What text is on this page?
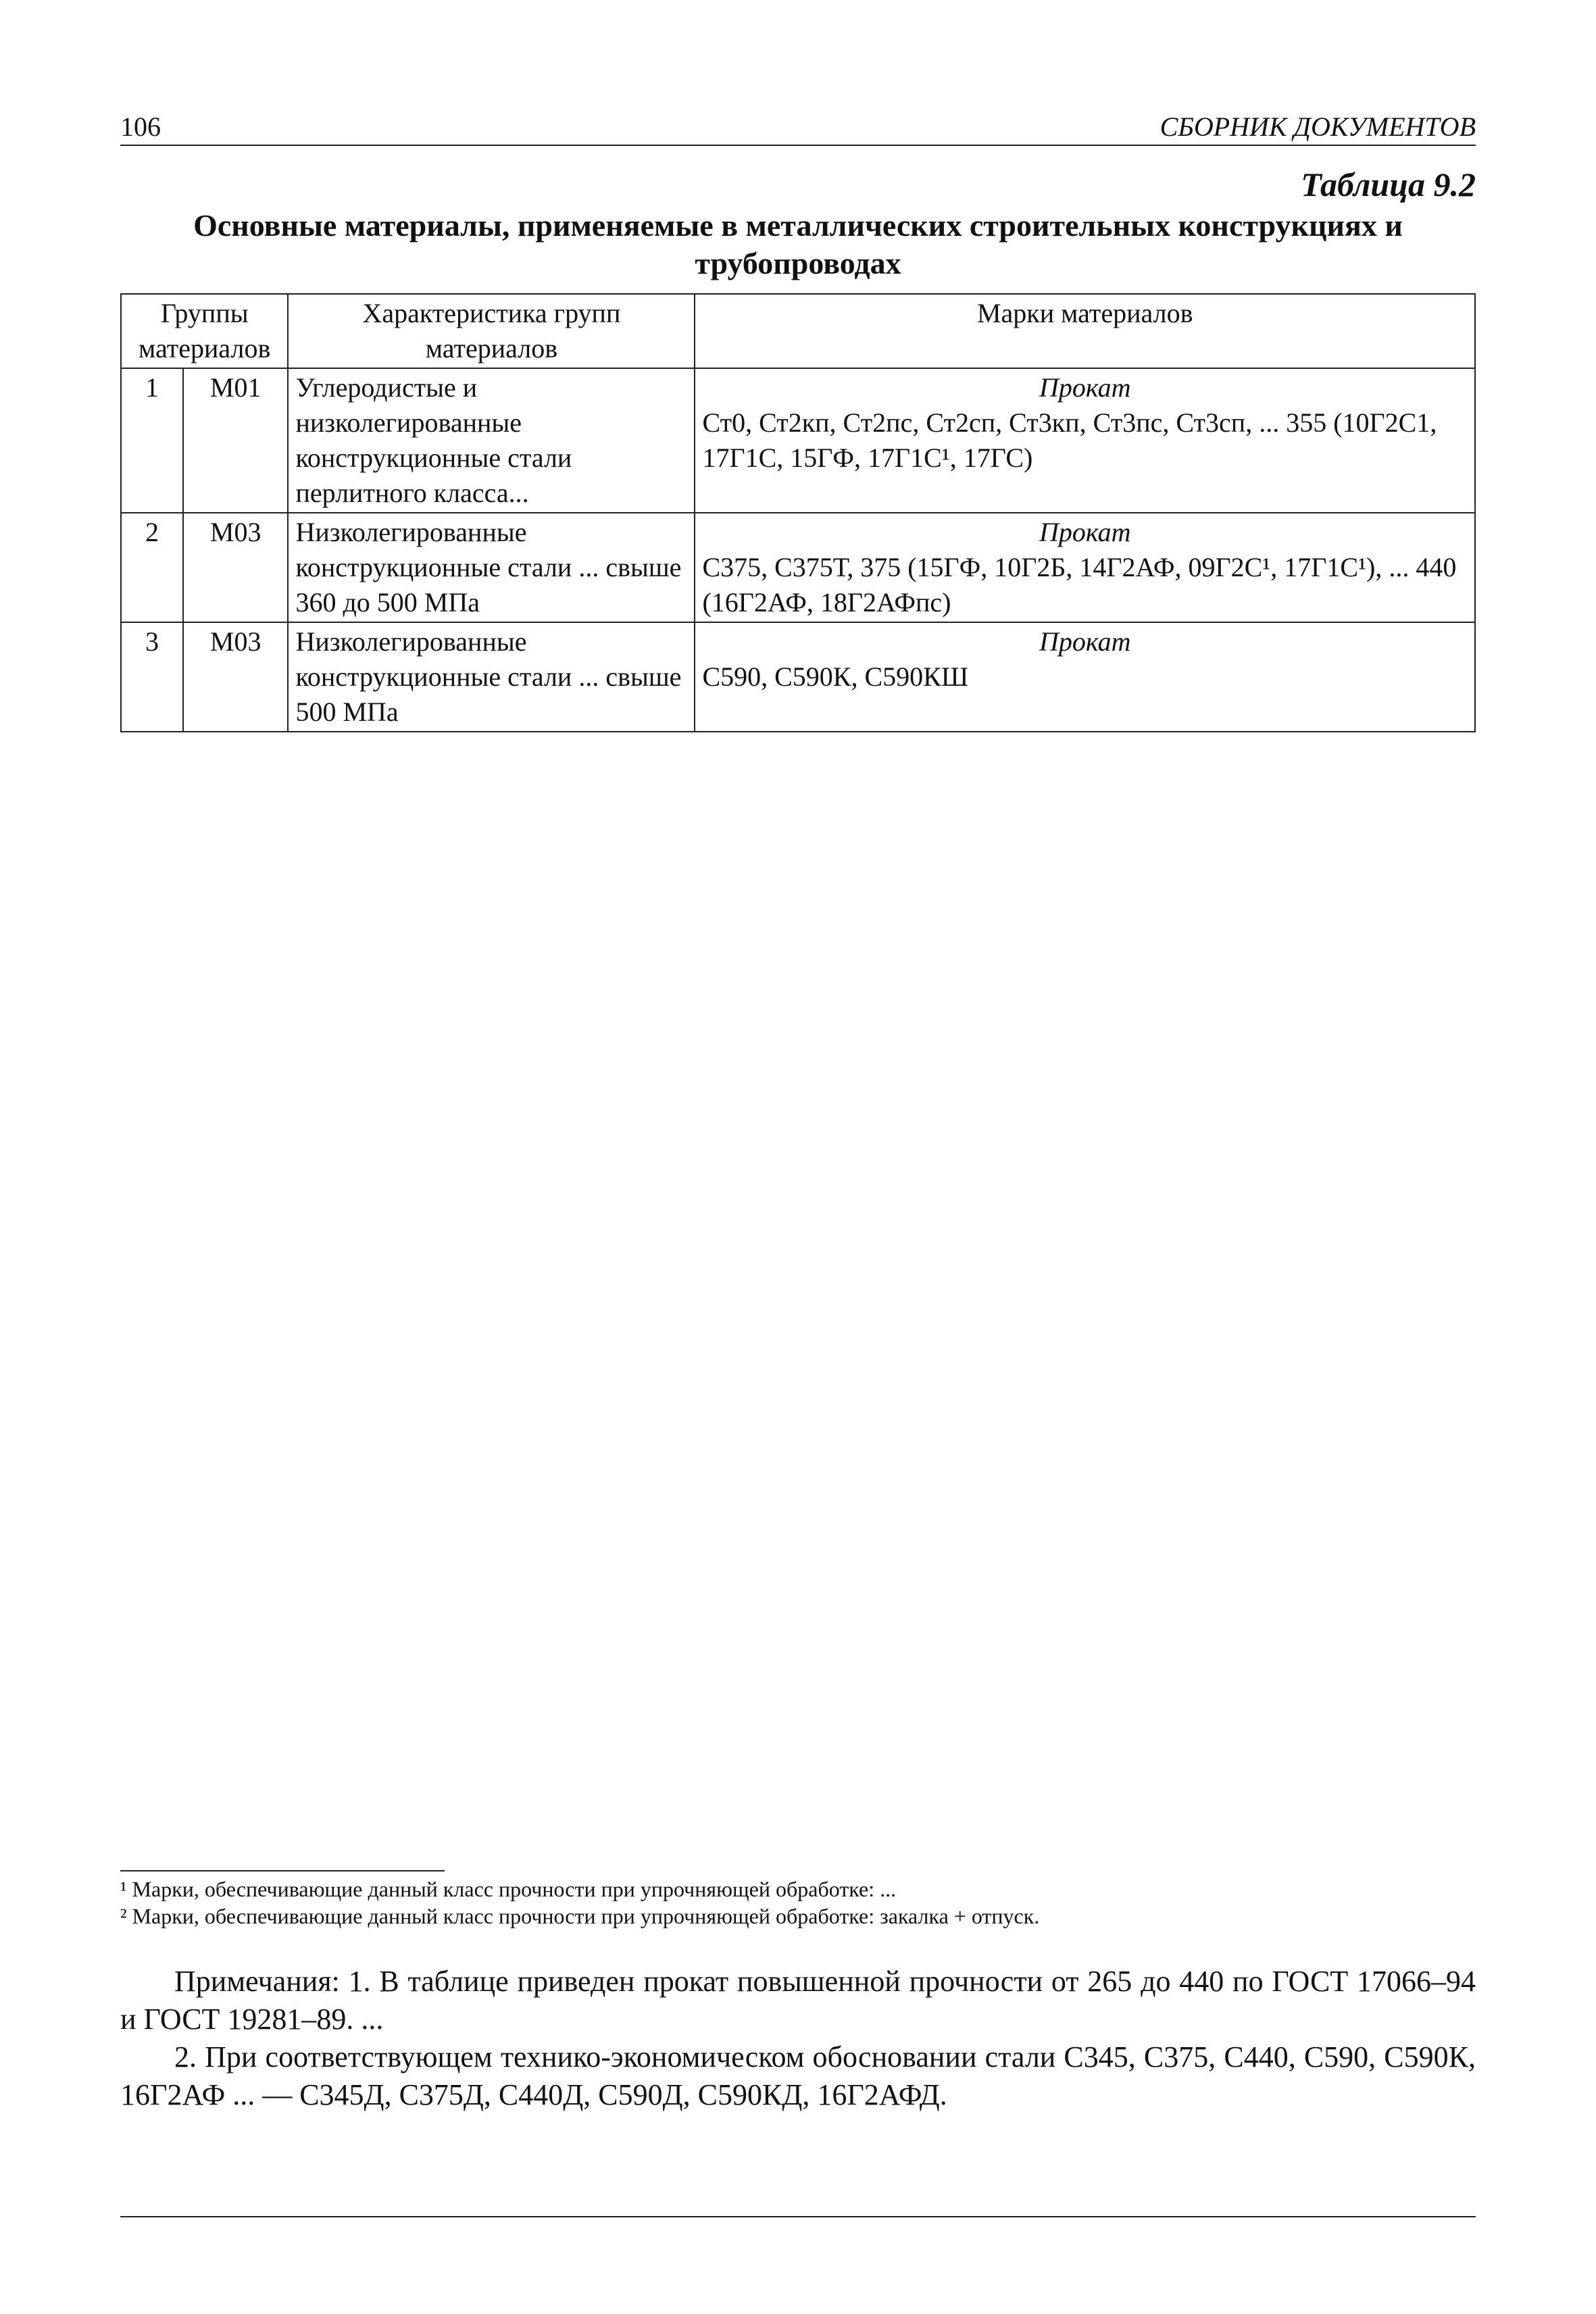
106	СБОРНИК ДОКУМЕНТОВ
Таблица 9.2
Основные материалы, применяемые в металлических строительных конструкциях и трубопроводах
Группы материалов		Характеристика групп материалов	Марки материалов
1	М01	Углеродистые и низколегированные конструкционные стали перлитного класса...	Прокат
Ст0, Ст2кп, Ст2пс, Ст2сп, Ст3кп, Ст3пс, Ст3сп, ... 355 (10Г2С1, 17Г1С, 15ГФ, 17Г1С¹, 17ГС)

2	М03	Низколегированные конструкционные стали ... свыше 360 до 500 МПа	Прокат
С375, С375Т, 375 (15ГФ, 10Г2Б, 14Г2АФ, 09Г2С¹, 17Г1С¹), ... 440 (16Г2АФ, 18Г2АФпс)

3	М03	Низколегированные конструкционные стали ... свыше 500 МПа	Прокат
С590, С590К, С590КШ
¹ Марки, обеспечивающие данный класс прочности при упрочняющей обработке: ...
² Марки, обеспечивающие данный класс прочности при упрочняющей обработке: закалка + отпуск.

Примечания: 1. В таблице приведен прокат повышенной прочности от 265 до 440 по ГОСТ 17066–94 и ГОСТ 19281–89. ...

2. При соответствующем технико-экономическом обосновании стали С345, С375, С440, С590, С590К, 16Г2АФ ... — С345Д, С375Д, С440Д, С590Д, С590КД, 16Г2АФД.
